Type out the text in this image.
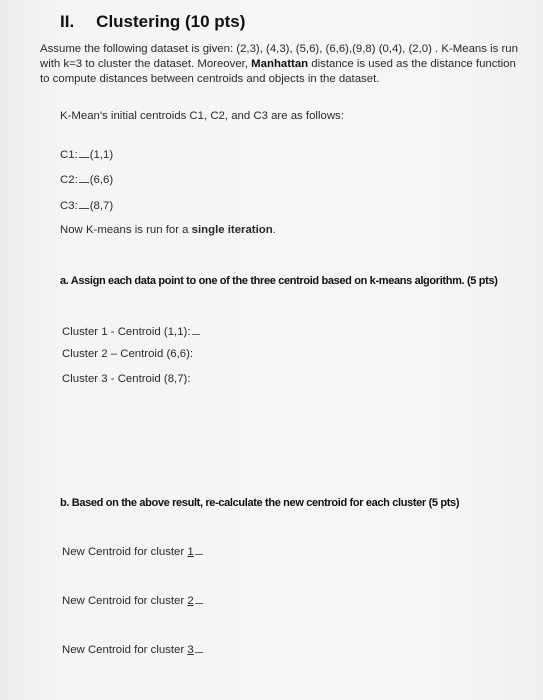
II. Clustering (10 pts)
Assume the following dataset is given: (2,3), (4,3), (5,6), (6,6),(9,8) (0,4), (2,0) . K-Means is run
with k=3 to cluster the dataset. Moreover, Manhattan distance is used as the distance function
to compute distances between centroids and objects in the dataset.
K-Mean's initial centroids C1, C2, and C3 are as follows:
C1: (1,1)
C2: (6,6)
C3: (8,7)
Now K-means is run for a single iteration.
a. Assign each data point to one of the three centroid based on k-means algorithm. (5 pts)
Cluster 1 - Centroid (1,1):
Cluster 2 – Centroid (6,6):
Cluster 3 - Centroid (8,7):
b. Based on the above result, re-calculate the new centroid for each cluster (5 pts)
New Centroid for cluster 1
New Centroid for cluster 2
New Centroid for cluster 3
